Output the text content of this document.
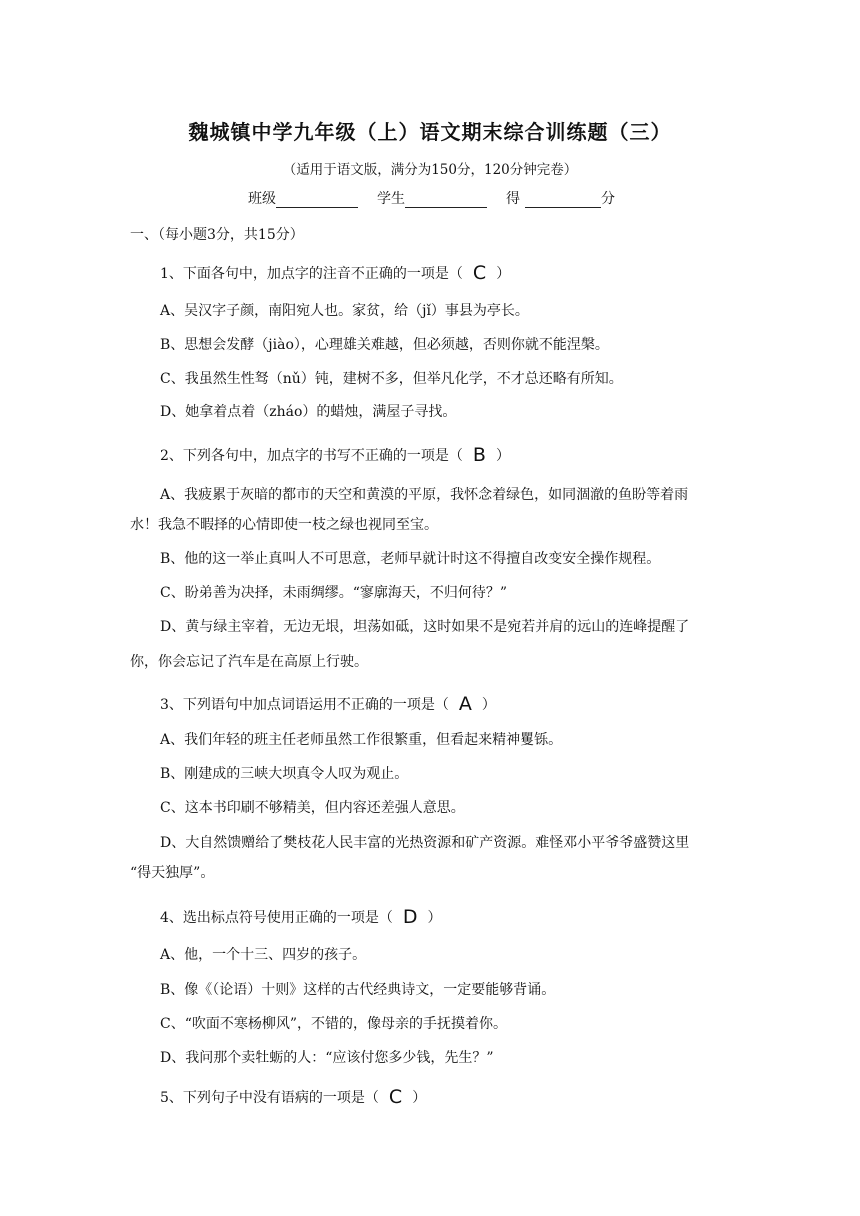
魏城镇中学九年级（上）语文期末综合训练题（三）
（适用于语文版，满分为150分，120分钟完卷）
班级	学生	得	分
一、（每小题3分，共15分）
1、下面各句中，加点字的注音不正确的一项是（ C ）
A、吴汉字子颜，南阳宛人也。家贫，给（jǐ）事县为亭长。
B、思想会发酵（jiào），心理雄关难越，但必须越，否则你就不能涅槃。
C、我虽然生性驽（nǔ）钝，建树不多，但举凡化学，不才总还略有所知。
D、她拿着点着（zháo）的蜡烛，满屋子寻找。
2、下列各句中，加点字的书写不正确的一项是（ B ）
A、我疲累于灰暗的都市的天空和黄漠的平原，我怀念着绿色，如同涸澈的鱼盼等着雨
水！我急不暇择的心情即使一枝之绿也视同至宝。
B、他的这一举止真叫人不可思意，老师早就计时这不得擅自改变安全操作规程。
C、盼弟善为决择，未雨绸缪。“寥廓海天，不归何待？”
D、黄与绿主宰着，无边无垠，坦荡如砥，这时如果不是宛若并肩的远山的连峰提醒了
你，你会忘记了汽车是在高原上行驶。
3、下列语句中加点词语运用不正确的一项是（ A ）
A、我们年轻的班主任老师虽然工作很繁重，但看起来精神矍铄。
B、刚建成的三峡大坝真令人叹为观止。
C、这本书印刷不够精美，但内容还差强人意思。
D、大自然馈赠给了樊枝花人民丰富的光热资源和矿产资源。难怪邓小平爷爷盛赞这里
“得天独厚”。
4、选出标点符号使用正确的一项是（ D ）
A、他，一个十三、四岁的孩子。
B、像《（论语）十则》这样的古代经典诗文，一定要能够背诵。
C、“吹面不寒杨柳风”，不错的，像母亲的手抚摸着你。
D、我问那个卖牡蛎的人：“应该付您多少钱，先生？”
5、下列句子中没有语病的一项是（ C ）
